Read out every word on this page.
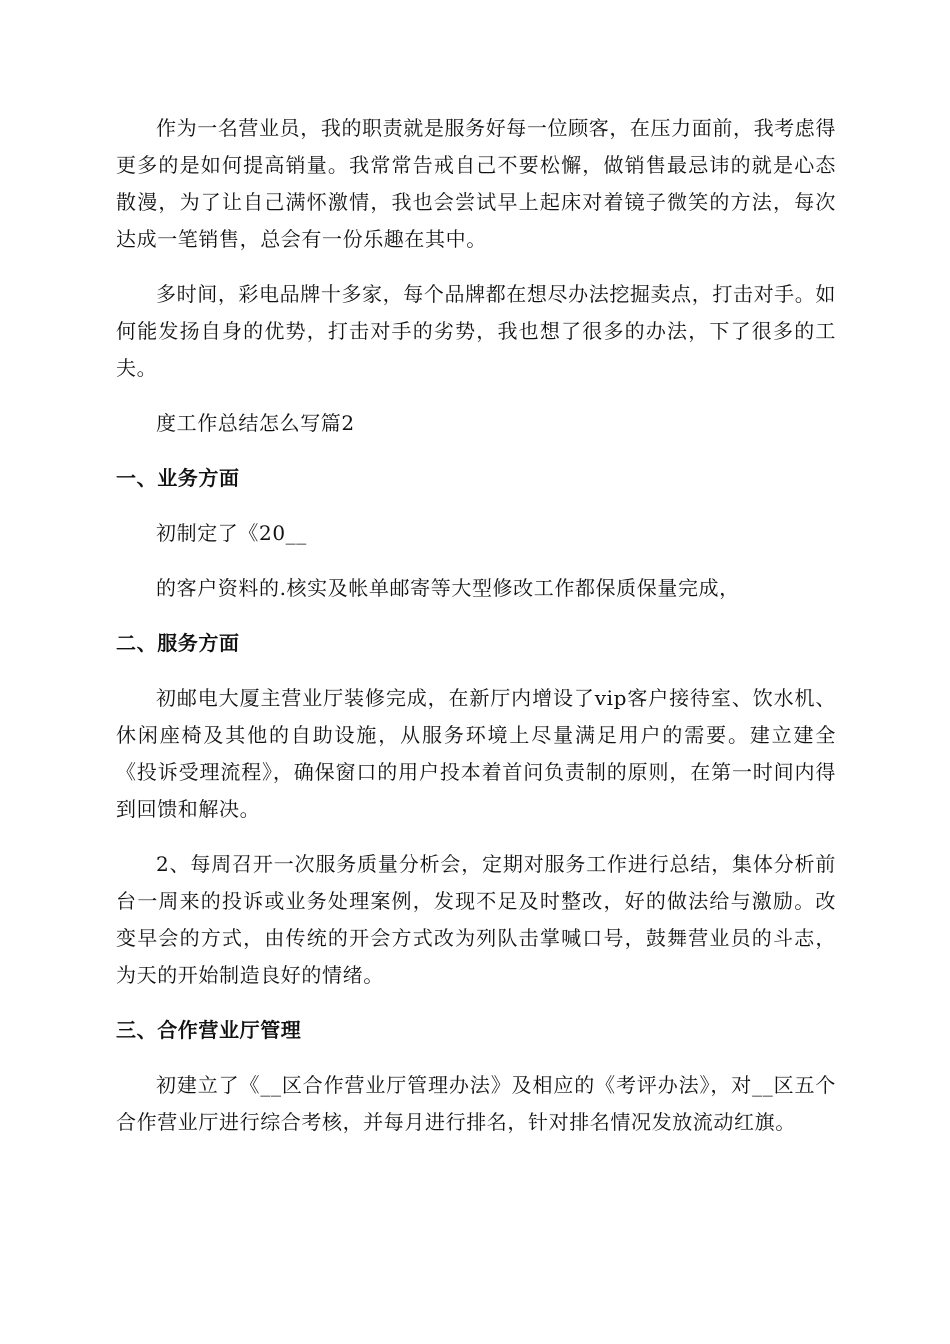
作为一名营业员，我的职责就是服务好每一位顾客，在压力面前，我考虑得更多的是如何提高销量。我常常告戒自己不要松懈，做销售最忌讳的就是心态散漫，为了让自己满怀激情，我也会尝试早上起床对着镜子微笑的方法，每次达成一笔销售，总会有一份乐趣在其中。

多时间，彩电品牌十多家，每个品牌都在想尽办法挖掘卖点，打击对手。如何能发扬自身的优势，打击对手的劣势，我也想了很多的办法，下了很多的工夫。

度工作总结怎么写篇2

一、业务方面

初制定了《20__

的客户资料的.核实及帐单邮寄等大型修改工作都保质保量完成，

二、服务方面

初邮电大厦主营业厅装修完成，在新厅内增设了vip客户接待室、饮水机、休闲座椅及其他的自助设施，从服务环境上尽量满足用户的需要。建立建全《投诉受理流程》，确保窗口的用户投本着首问负责制的原则，在第一时间内得到回馈和解决。

2、每周召开一次服务质量分析会，定期对服务工作进行总结，集体分析前台一周来的投诉或业务处理案例，发现不足及时整改，好的做法给与激励。改变早会的方式，由传统的开会方式改为列队击掌喊口号，鼓舞营业员的斗志，为天的开始制造良好的情绪。

三、合作营业厅管理

初建立了《__区合作营业厅管理办法》及相应的《考评办法》，对__区五个合作营业厅进行综合考核，并每月进行排名，针对排名情况发放流动红旗。
